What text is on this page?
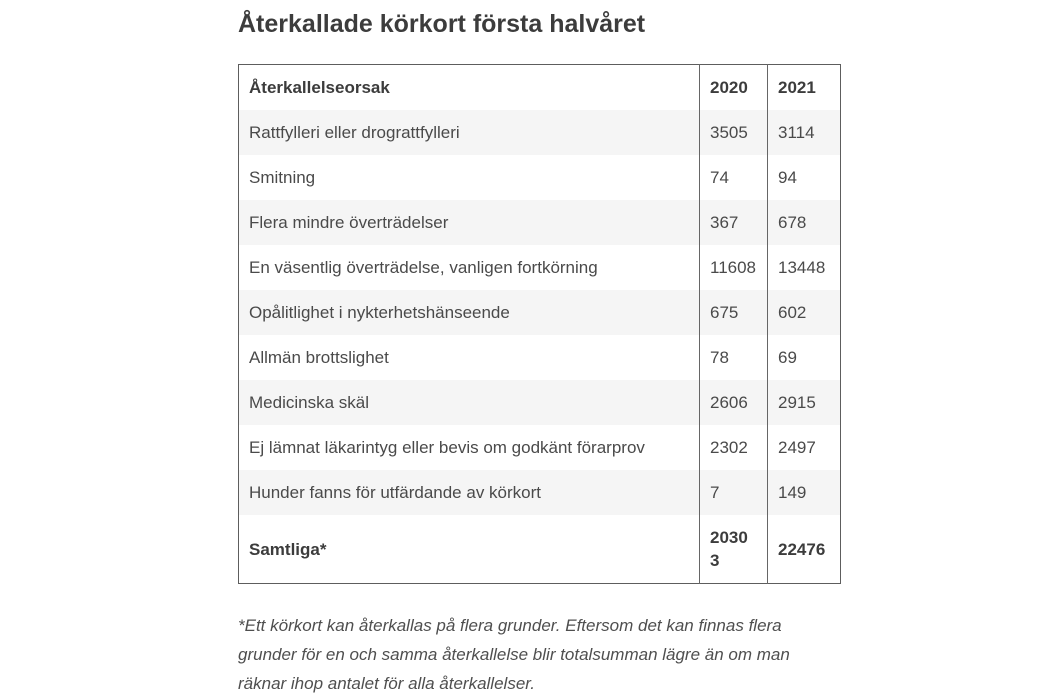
Återkallade körkort första halvåret
Återkallelseorsak	2020	2021
Rattfylleri eller drograttfylleri	3505	3114
Smitning	74	94
Flera mindre överträdelser	367	678
En väsentlig överträdelse, vanligen fortkörning	11608	13448
Opålitlighet i nykterhetshänseende	675	602
Allmän brottslighet	78	69
Medicinska skäl	2606	2915
Ej lämnat läkarintyg eller bevis om godkänt förarprov	2302	2497
Hunder fanns för utfärdande av körkort	7	149
Samtliga*	20303	22476

*Ett körkort kan återkallas på flera grunder. Eftersom det kan finnas flera grunder för en och samma återkallelse blir totalsumman lägre än om man räknar ihop antalet för alla återkallelser.
